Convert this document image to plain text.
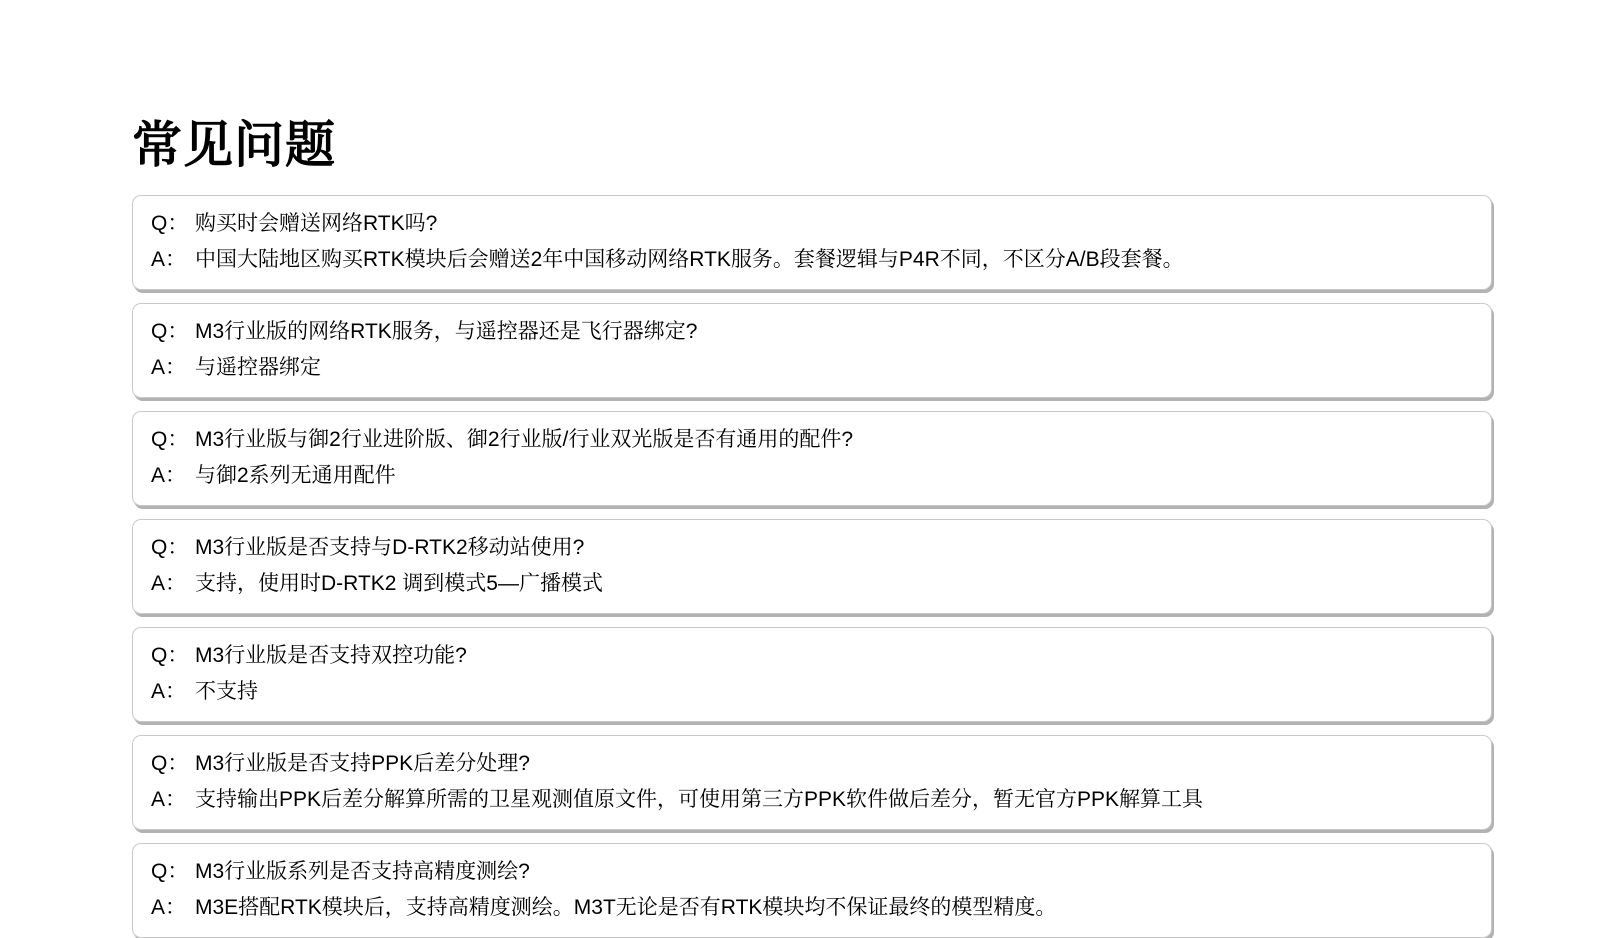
常见问题
Q： 购买时会赠送网络RTK吗?
A： 中国大陆地区购买RTK模块后会赠送2年中国移动网络RTK服务。套餐逻辑与P4R不同，不区分A/B段套餐。
Q： M3行业版的网络RTK服务，与遥控器还是飞行器绑定?
A： 与遥控器绑定
Q： M3行业版与御2行业进阶版、御2行业版/行业双光版是否有通用的配件?
A： 与御2系列无通用配件
Q： M3行业版是否支持与D-RTK2移动站使用?
A： 支持，使用时D-RTK2 调到模式5—广播模式
Q： M3行业版是否支持双控功能?
A： 不支持
Q： M3行业版是否支持PPK后差分处理?
A： 支持输出PPK后差分解算所需的卫星观测值原文件，可使用第三方PPK软件做后差分，暂无官方PPK解算工具
Q： M3行业版系列是否支持高精度测绘?
A： M3E搭配RTK模块后，支持高精度测绘。M3T无论是否有RTK模块均不保证最终的模型精度。
